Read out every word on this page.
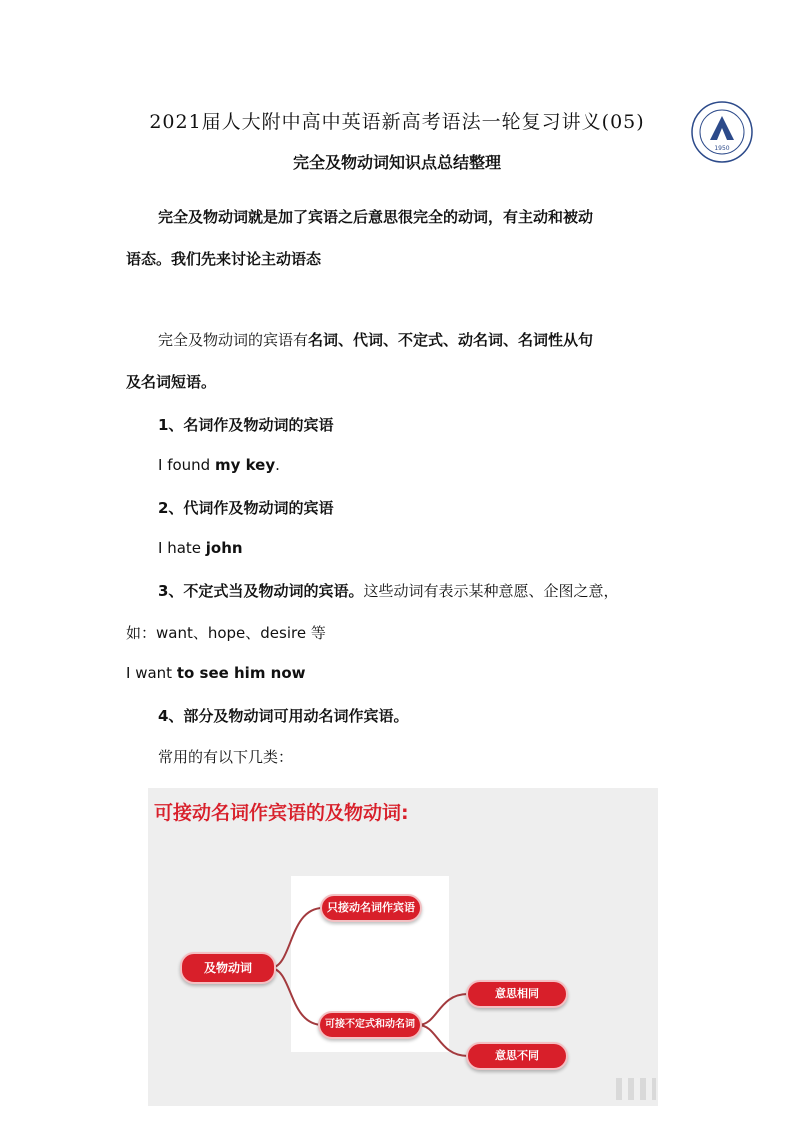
2021届人大附中高中英语新高考语法一轮复习讲义(05)
1950
完全及物动词知识点总结整理
完全及物动词就是加了宾语之后意思很完全的动词，有主动和被动
语态。我们先来讨论主动语态
完全及物动词的宾语有名词、代词、不定式、动名词、名词性从句
及名词短语。
1、名词作及物动词的宾语
I found my key.
2、代词作及物动词的宾语
I hate john
3、不定式当及物动词的宾语。这些动词有表示某种意愿、企图之意，
如：want、hope、desire 等
I want to see him now
4、部分及物动词可用动名词作宾语。
常用的有以下几类：
可接动名词作宾语的及物动词:
及物动词
只接动名词作宾语
可接不定式和动名词
意思相同
意思不同
